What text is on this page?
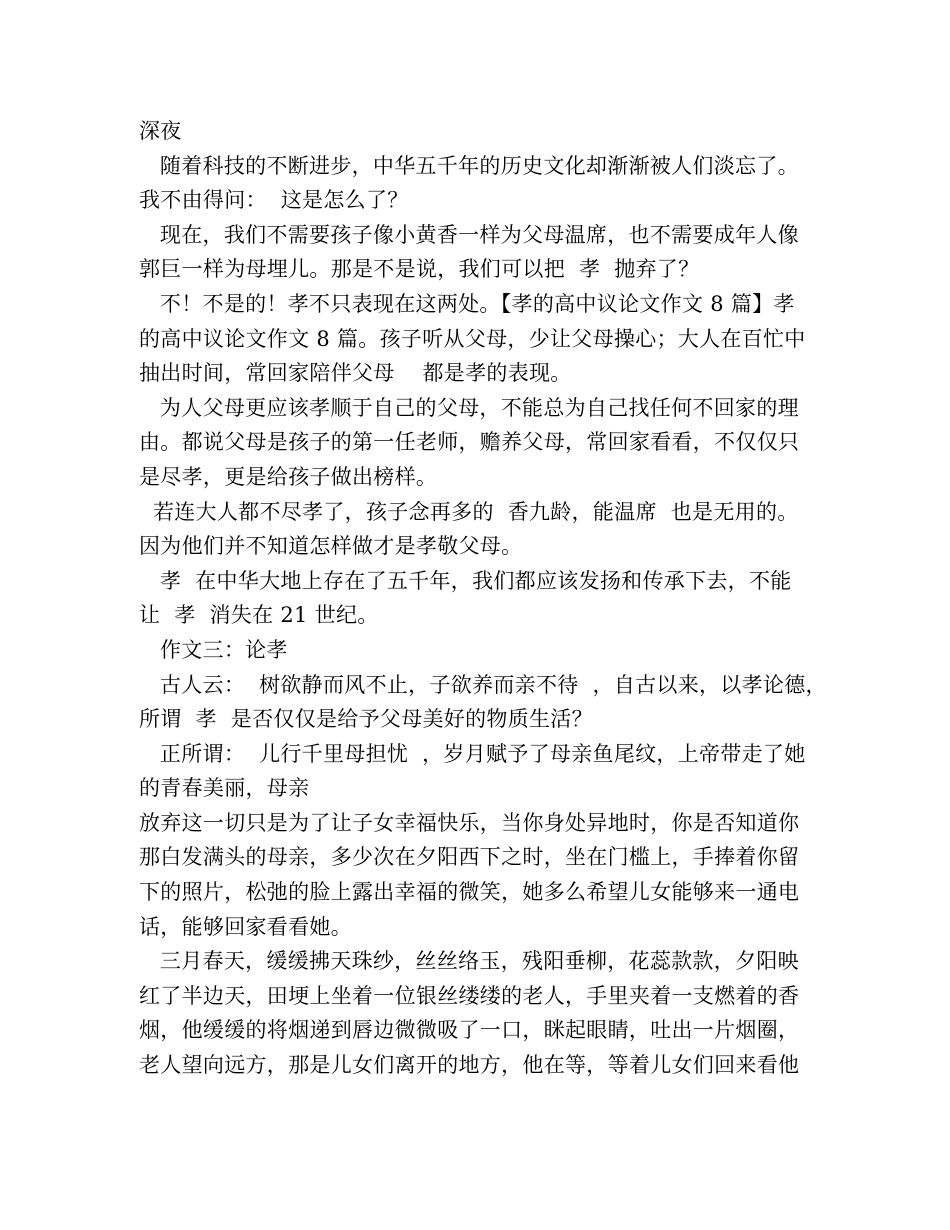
深夜
随着科技的不断进步，中华五千年的历史文化却渐渐被人们淡忘了。
我不由得问：  这是怎么了？
现在，我们不需要孩子像小黄香一样为父母温席，也不需要成年人像
郭巨一样为母埋儿。那是不是说，我们可以把  孝  抛弃了？
不！不是的！孝不只表现在这两处。【孝的高中议论文作文 8 篇】孝
的高中议论文作文 8 篇。孩子听从父母，少让父母操心；大人在百忙中
抽出时间，常回家陪伴父母    都是孝的表现。
为人父母更应该孝顺于自己的父母，不能总为自己找任何不回家的理
由。都说父母是孩子的第一任老师，赡养父母，常回家看看，不仅仅只
是尽孝，更是给孩子做出榜样。
若连大人都不尽孝了，孩子念再多的  香九龄，能温席  也是无用的。
因为他们并不知道怎样做才是孝敬父母。
孝  在中华大地上存在了五千年，我们都应该发扬和传承下去，不能
让  孝  消失在 21 世纪。
作文三：论孝
古人云：  树欲静而风不止，子欲养而亲不待  ，自古以来，以孝论德，
所谓  孝  是否仅仅是给予父母美好的物质生活？
正所谓：  儿行千里母担忧  ，岁月赋予了母亲鱼尾纹，上帝带走了她
的青春美丽，母亲
放弃这一切只是为了让子女幸福快乐，当你身处异地时，你是否知道你
那白发满头的母亲，多少次在夕阳西下之时，坐在门槛上，手捧着你留
下的照片，松弛的脸上露出幸福的微笑，她多么希望儿女能够来一通电
话，能够回家看看她。
三月春天，缓缓拂天珠纱，丝丝络玉，残阳垂柳，花蕊款款，夕阳映
红了半边天，田埂上坐着一位银丝缕缕的老人，手里夹着一支燃着的香
烟，他缓缓的将烟递到唇边微微吸了一口，眯起眼睛，吐出一片烟圈，
老人望向远方，那是儿女们离开的地方，他在等，等着儿女们回来看他
